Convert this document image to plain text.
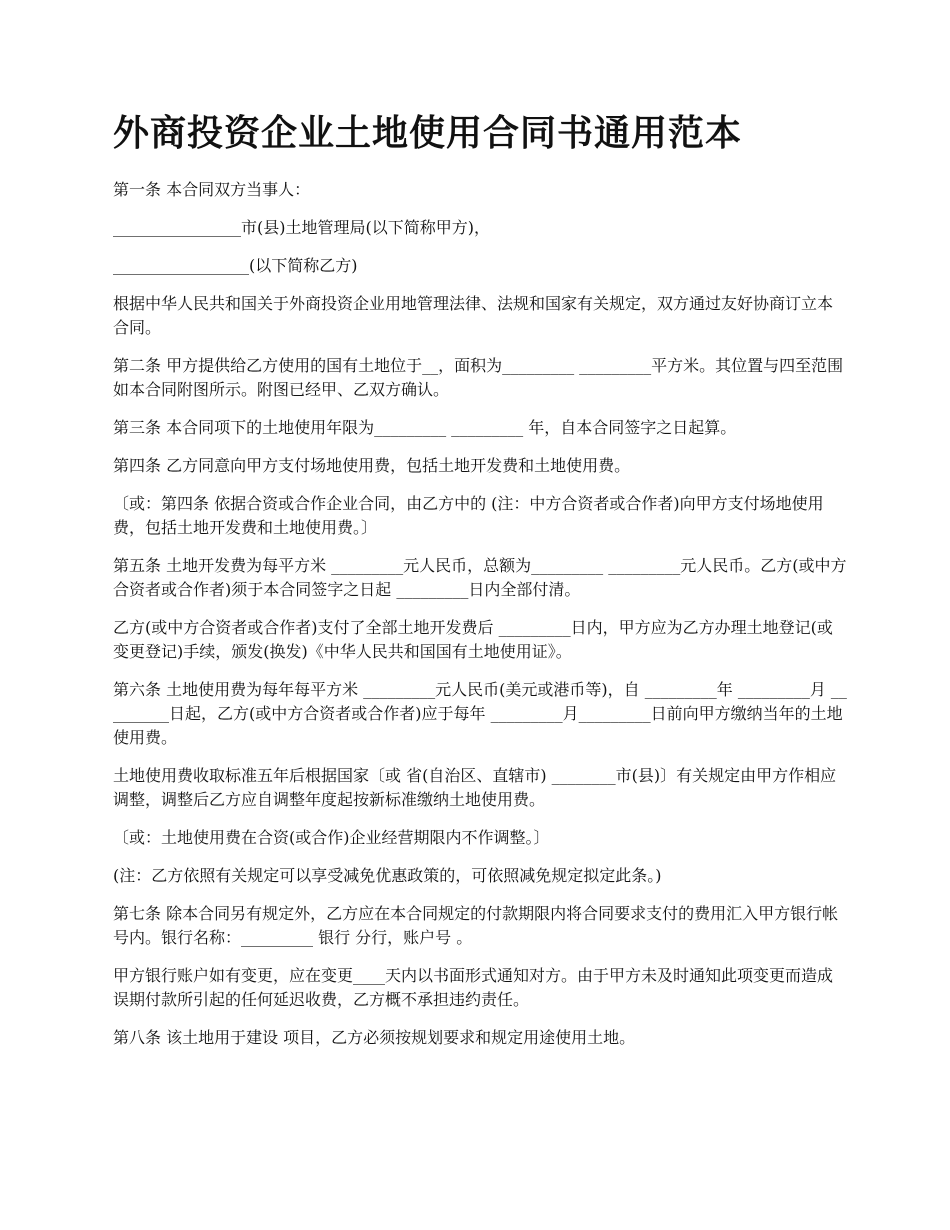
外商投资企业土地使用合同书通用范本

第一条 本合同双方当事人：

________________市(县)土地管理局(以下简称甲方)，

_________________(以下简称乙方)

根据中华人民共和国关于外商投资企业用地管理法律、法规和国家有关规定，双方通过友好协商订立本合同。

第二条 甲方提供给乙方使用的国有土地位于__，面积为_________ _________平方米。其位置与四至范围如本合同附图所示。附图已经甲、乙双方确认。

第三条 本合同项下的土地使用年限为_________ _________ 年，自本合同签字之日起算。

第四条 乙方同意向甲方支付场地使用费，包括土地开发费和土地使用费。

〔或：第四条 依据合资或合作企业合同，由乙方中的 (注：中方合资者或合作者)向甲方支付场地使用费，包括土地开发费和土地使用费。〕

第五条 土地开发费为每平方米 _________元人民币，总额为_________ _________元人民币。乙方(或中方合资者或合作者)须于本合同签字之日起 _________日内全部付清。

乙方(或中方合资者或合作者)支付了全部土地开发费后 _________日内，甲方应为乙方办理土地登记(或变更登记)手续，颁发(换发)《中华人民共和国国有土地使用证》。

第六条 土地使用费为每年每平方米 _________元人民币(美元或港币等)，自 _________年 _________月 _________日起，乙方(或中方合资者或合作者)应于每年 _________月_________日前向甲方缴纳当年的土地使用费。

土地使用费收取标准五年后根据国家〔或 省(自治区、直辖市) ________市(县)〕有关规定由甲方作相应调整，调整后乙方应自调整年度起按新标准缴纳土地使用费。

〔或：土地使用费在合资(或合作)企业经营期限内不作调整。〕

(注：乙方依照有关规定可以享受减免优惠政策的，可依照减免规定拟定此条。)

第七条 除本合同另有规定外，乙方应在本合同规定的付款期限内将合同要求支付的费用汇入甲方银行帐号内。银行名称：_________ 银行 分行，账户号 。

甲方银行账户如有变更，应在变更____天内以书面形式通知对方。由于甲方未及时通知此项变更而造成误期付款所引起的任何延迟收费，乙方概不承担违约责任。

第八条 该土地用于建设 项目，乙方必须按规划要求和规定用途使用土地。
